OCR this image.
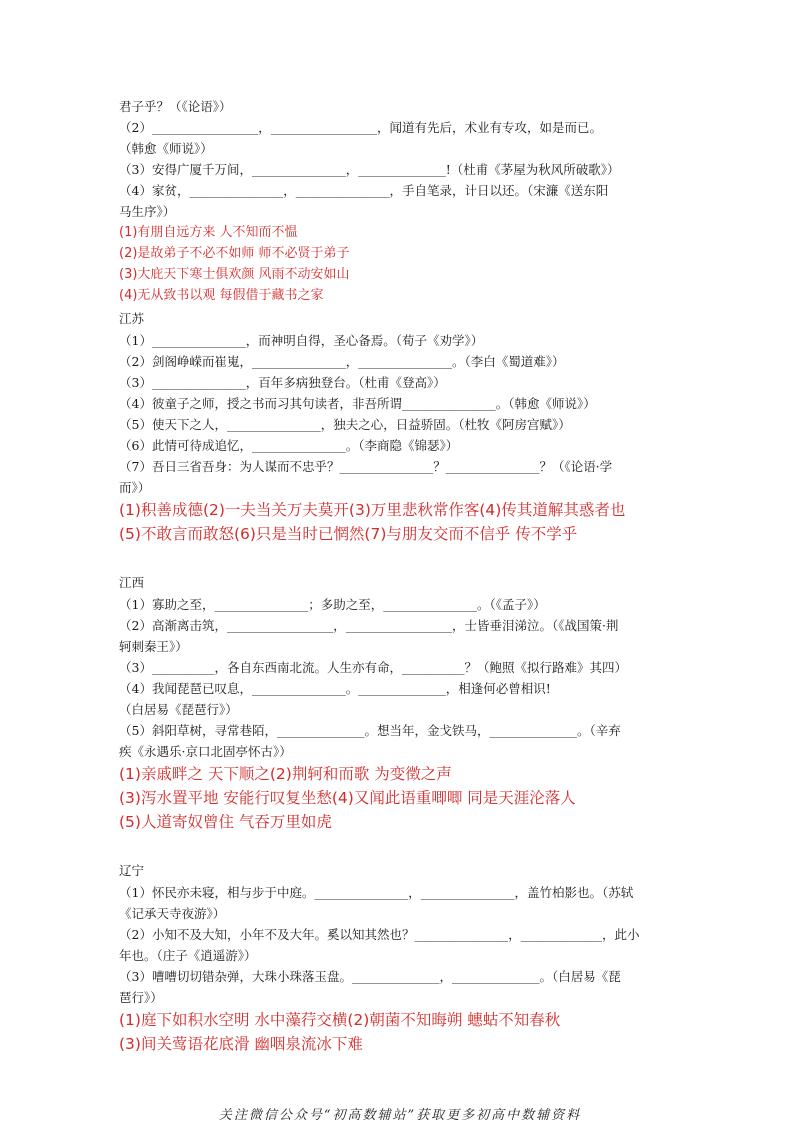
君子乎？（《论语》）
（2）_________________，_________________，闻道有先后，术业有专攻，如是而已。
（韩愈《师说》）
（3）安得广厦千万间，_______________，______________!（杜甫《茅屋为秋风所破歌》）
（4）家贫，_______________，_______________，手自笔录，计日以还。（宋濂《送东阳
马生序》）
(1)有朋自远方来 人不知而不愠
(2)是故弟子不必不如师 师不必贤于弟子
(3)大庇天下寒士俱欢颜 风雨不动安如山
(4)无从致书以观 每假借于藏书之家
江苏
（1）_______________，而神明自得，圣心备焉。（荀子《劝学》）
（2）剑阁峥嵘而崔嵬，_______________，_______________。（李白《蜀道难》）
（3）_______________，百年多病独登台。（杜甫《登高》）
（4）彼童子之师，授之书而习其句读者，非吾所谓_______________。（韩愈《师说》）
（5）使天下之人，_______________，独夫之心，日益骄固。（杜牧《阿房宫赋》）
（6）此情可待成追忆，_______________。（李商隐《锦瑟》）
（7）吾日三省吾身：为人谋而不忠乎？_______________？_______________？（《论语·学
而》）
(1)积善成德(2)一夫当关万夫莫开(3)万里悲秋常作客(4)传其道解其惑者也
(5)不敢言而敢怒(6)只是当时已惘然(7)与朋友交而不信乎 传不学乎
江西
（1）寡助之至，_______________；多助之至，_______________。（《孟子》）
（2）高渐离击筑，_________________，_________________，士皆垂泪涕泣。（《战国策·荆
轲刺秦王》）
（3）__________，各自东西南北流。人生亦有命，__________？（鲍照《拟行路难》其四）
（4）我闻琵琶已叹息，_______________。______________，相逢何必曾相识!
（白居易《琵琶行》）
（5）斜阳草树，寻常巷陌，______________。想当年，金戈铁马，______________。（辛弃
疾《永遇乐·京口北固亭怀古》）
(1)亲戚畔之 天下顺之(2)荆轲和而歌 为变徵之声
(3)泻水置平地 安能行叹复坐愁(4)又闻此语重唧唧 同是天涯沦落人
(5)人道寄奴曾住 气吞万里如虎
辽宁
（1）怀民亦未寝，相与步于中庭。_______________，_______________，盖竹柏影也。（苏轼
《记承天寺夜游》）
（2）小知不及大知，小年不及大年。奚以知其然也？_______________，_____________，此小
年也。（庄子《逍遥游》）
（3）嘈嘈切切错杂弹，大珠小珠落玉盘。______________，______________。（白居易《琵
琶行》）
(1)庭下如积水空明 水中藻荇交横(2)朝菌不知晦朔 蟪蛄不知春秋
(3)间关莺语花底滑 幽咽泉流冰下难
关注微信公众号“初高数辅站”获取更多初高中数辅资料
